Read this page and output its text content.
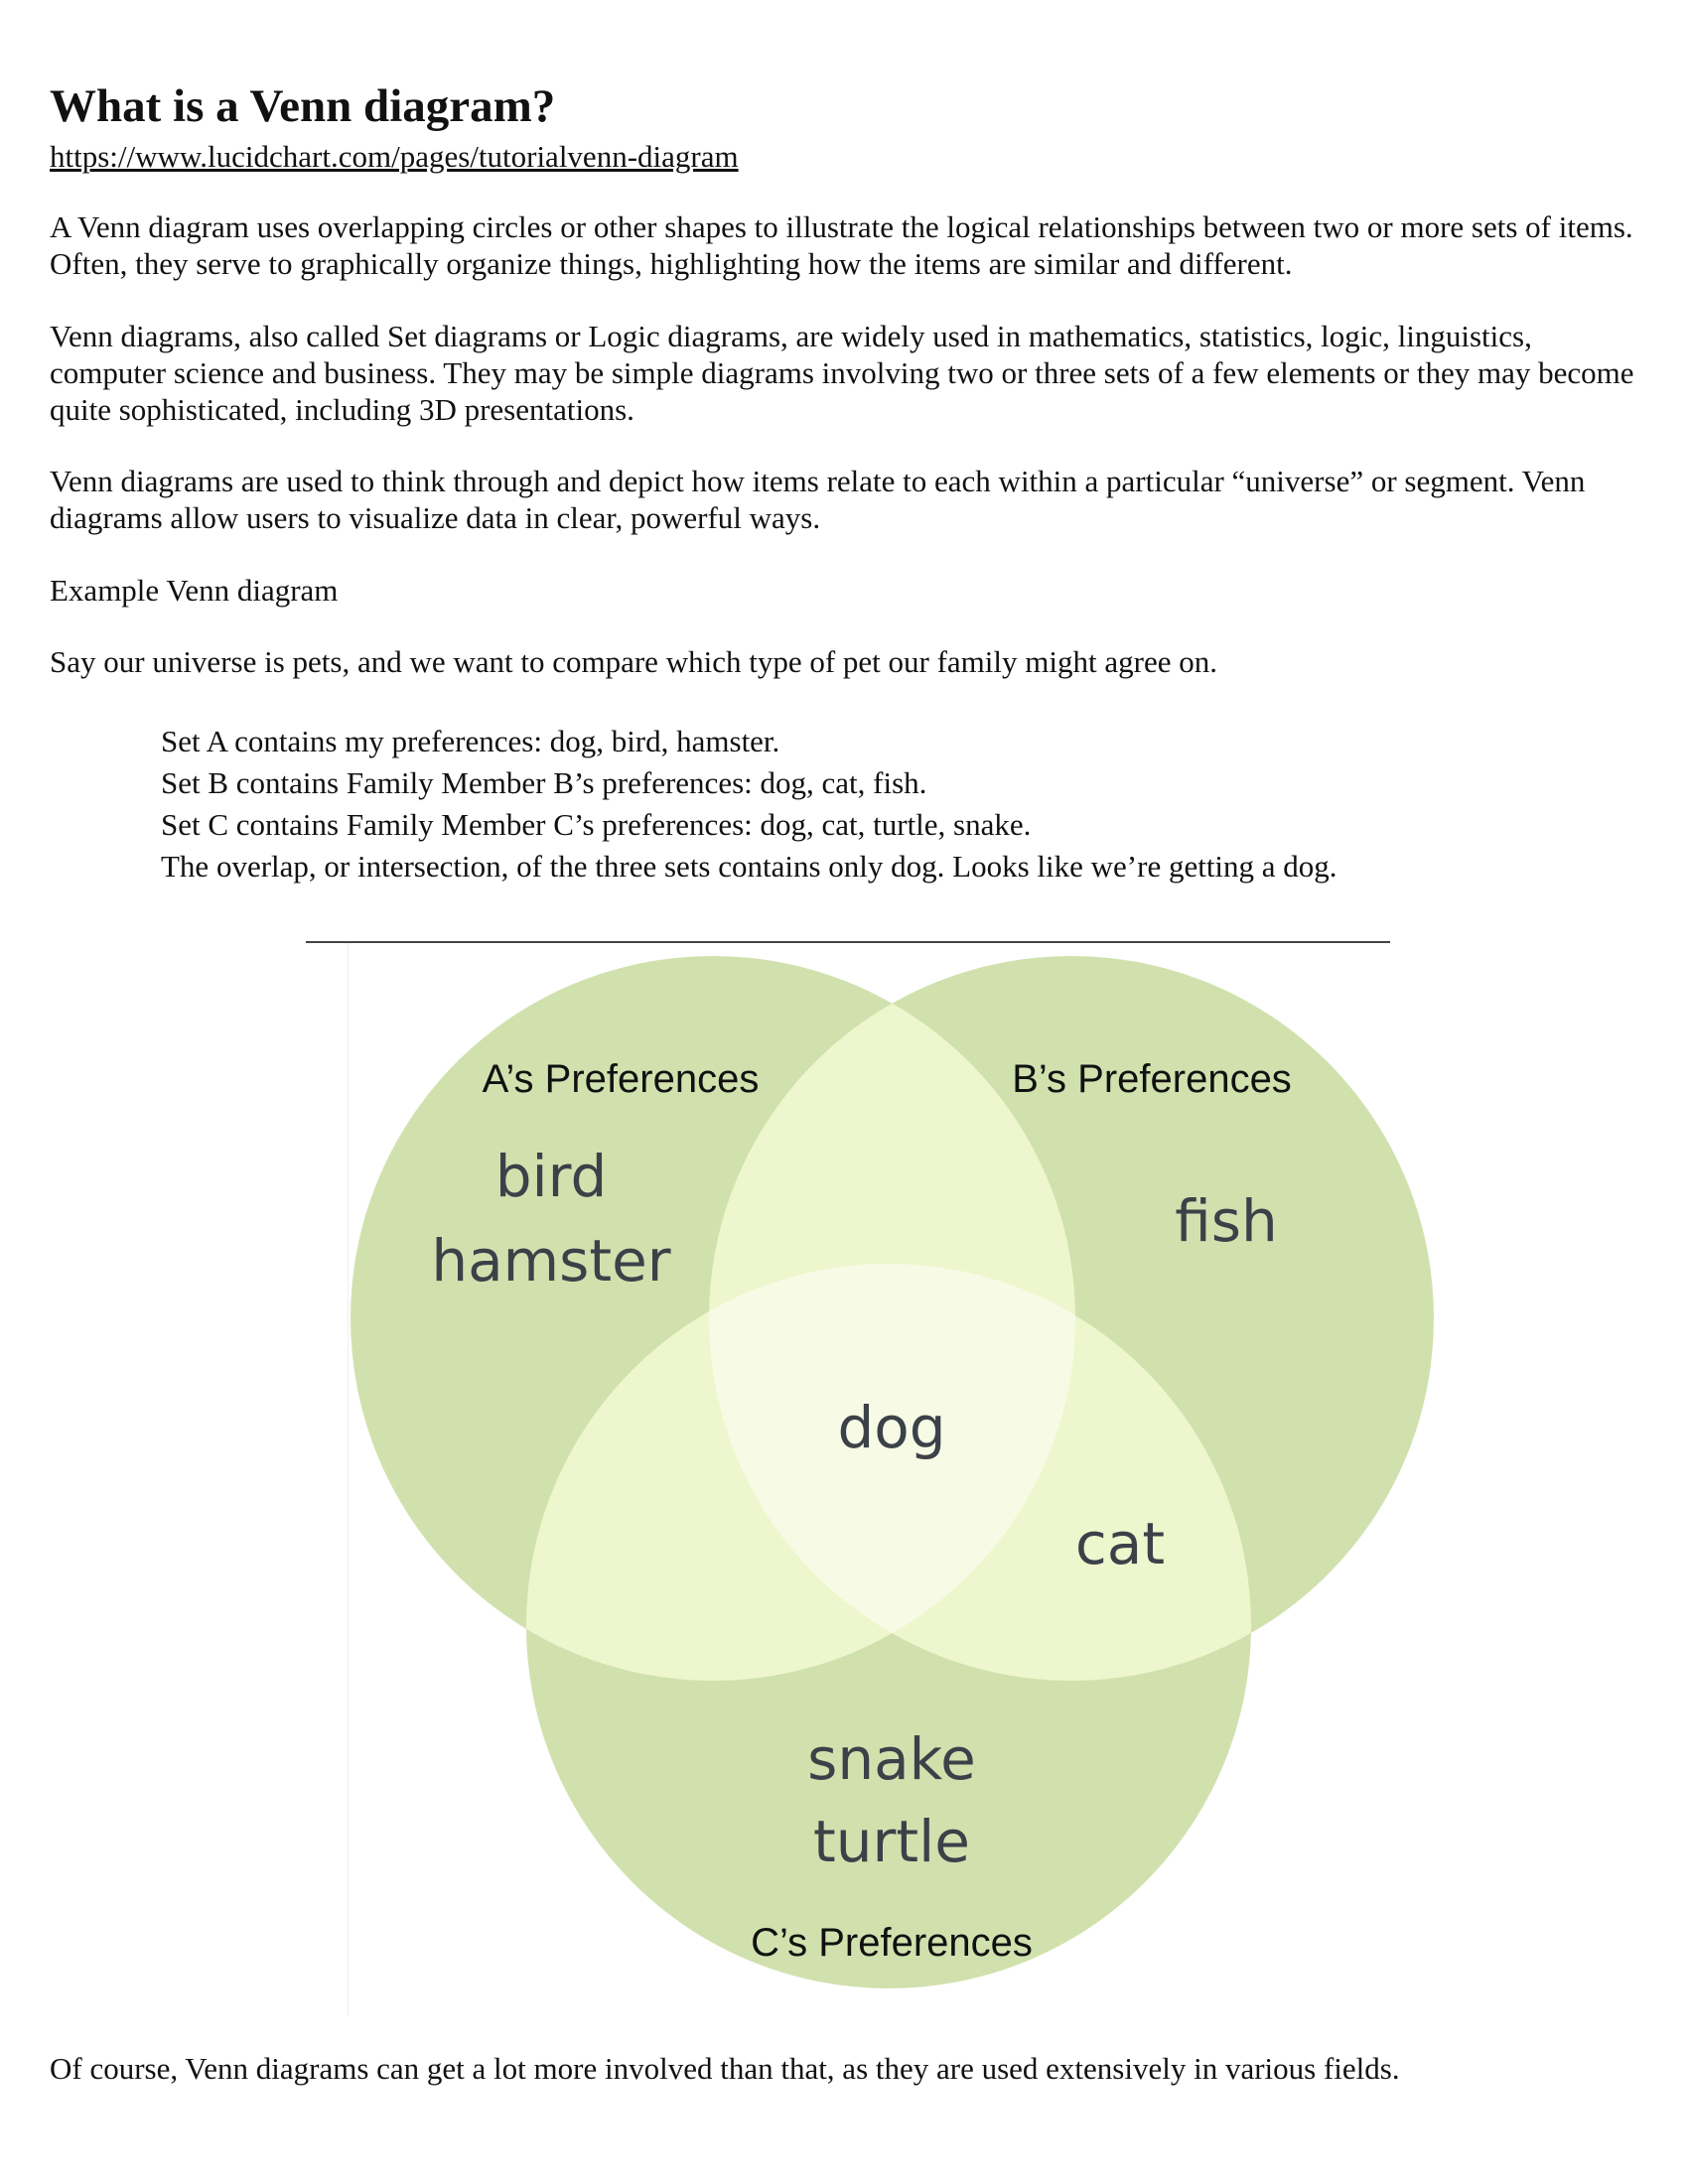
What is a Venn diagram?
https://www.lucidchart.com/pages/tutorialvenn-diagram

A Venn diagram uses overlapping circles or other shapes to illustrate the logical relationships between two or more sets of items. Often, they serve to graphically organize things, highlighting how the items are similar and different.

Venn diagrams, also called Set diagrams or Logic diagrams, are widely used in mathematics, statistics, logic, linguistics, computer science and business. They may be simple diagrams involving two or three sets of a few elements or they may become quite sophisticated, including 3D presentations.

Venn diagrams are used to think through and depict how items relate to each within a particular “universe” or segment. Venn diagrams allow users to visualize data in clear, powerful ways.

Example Venn diagram

Say our universe is pets, and we want to compare which type of pet our family might agree on.

Set A contains my preferences: dog, bird, hamster.
Set B contains Family Member B’s preferences: dog, cat, fish.
Set C contains Family Member C’s preferences: dog, cat, turtle, snake.
The overlap, or intersection, of the three sets contains only dog. Looks like we’re getting a dog.
A’s Preferences	B’s Preferences
C’s Preferences
bird
hamster
fish
dog
cat
snake
turtle
Of course, Venn diagrams can get a lot more involved than that, as they are used extensively in various fields.
